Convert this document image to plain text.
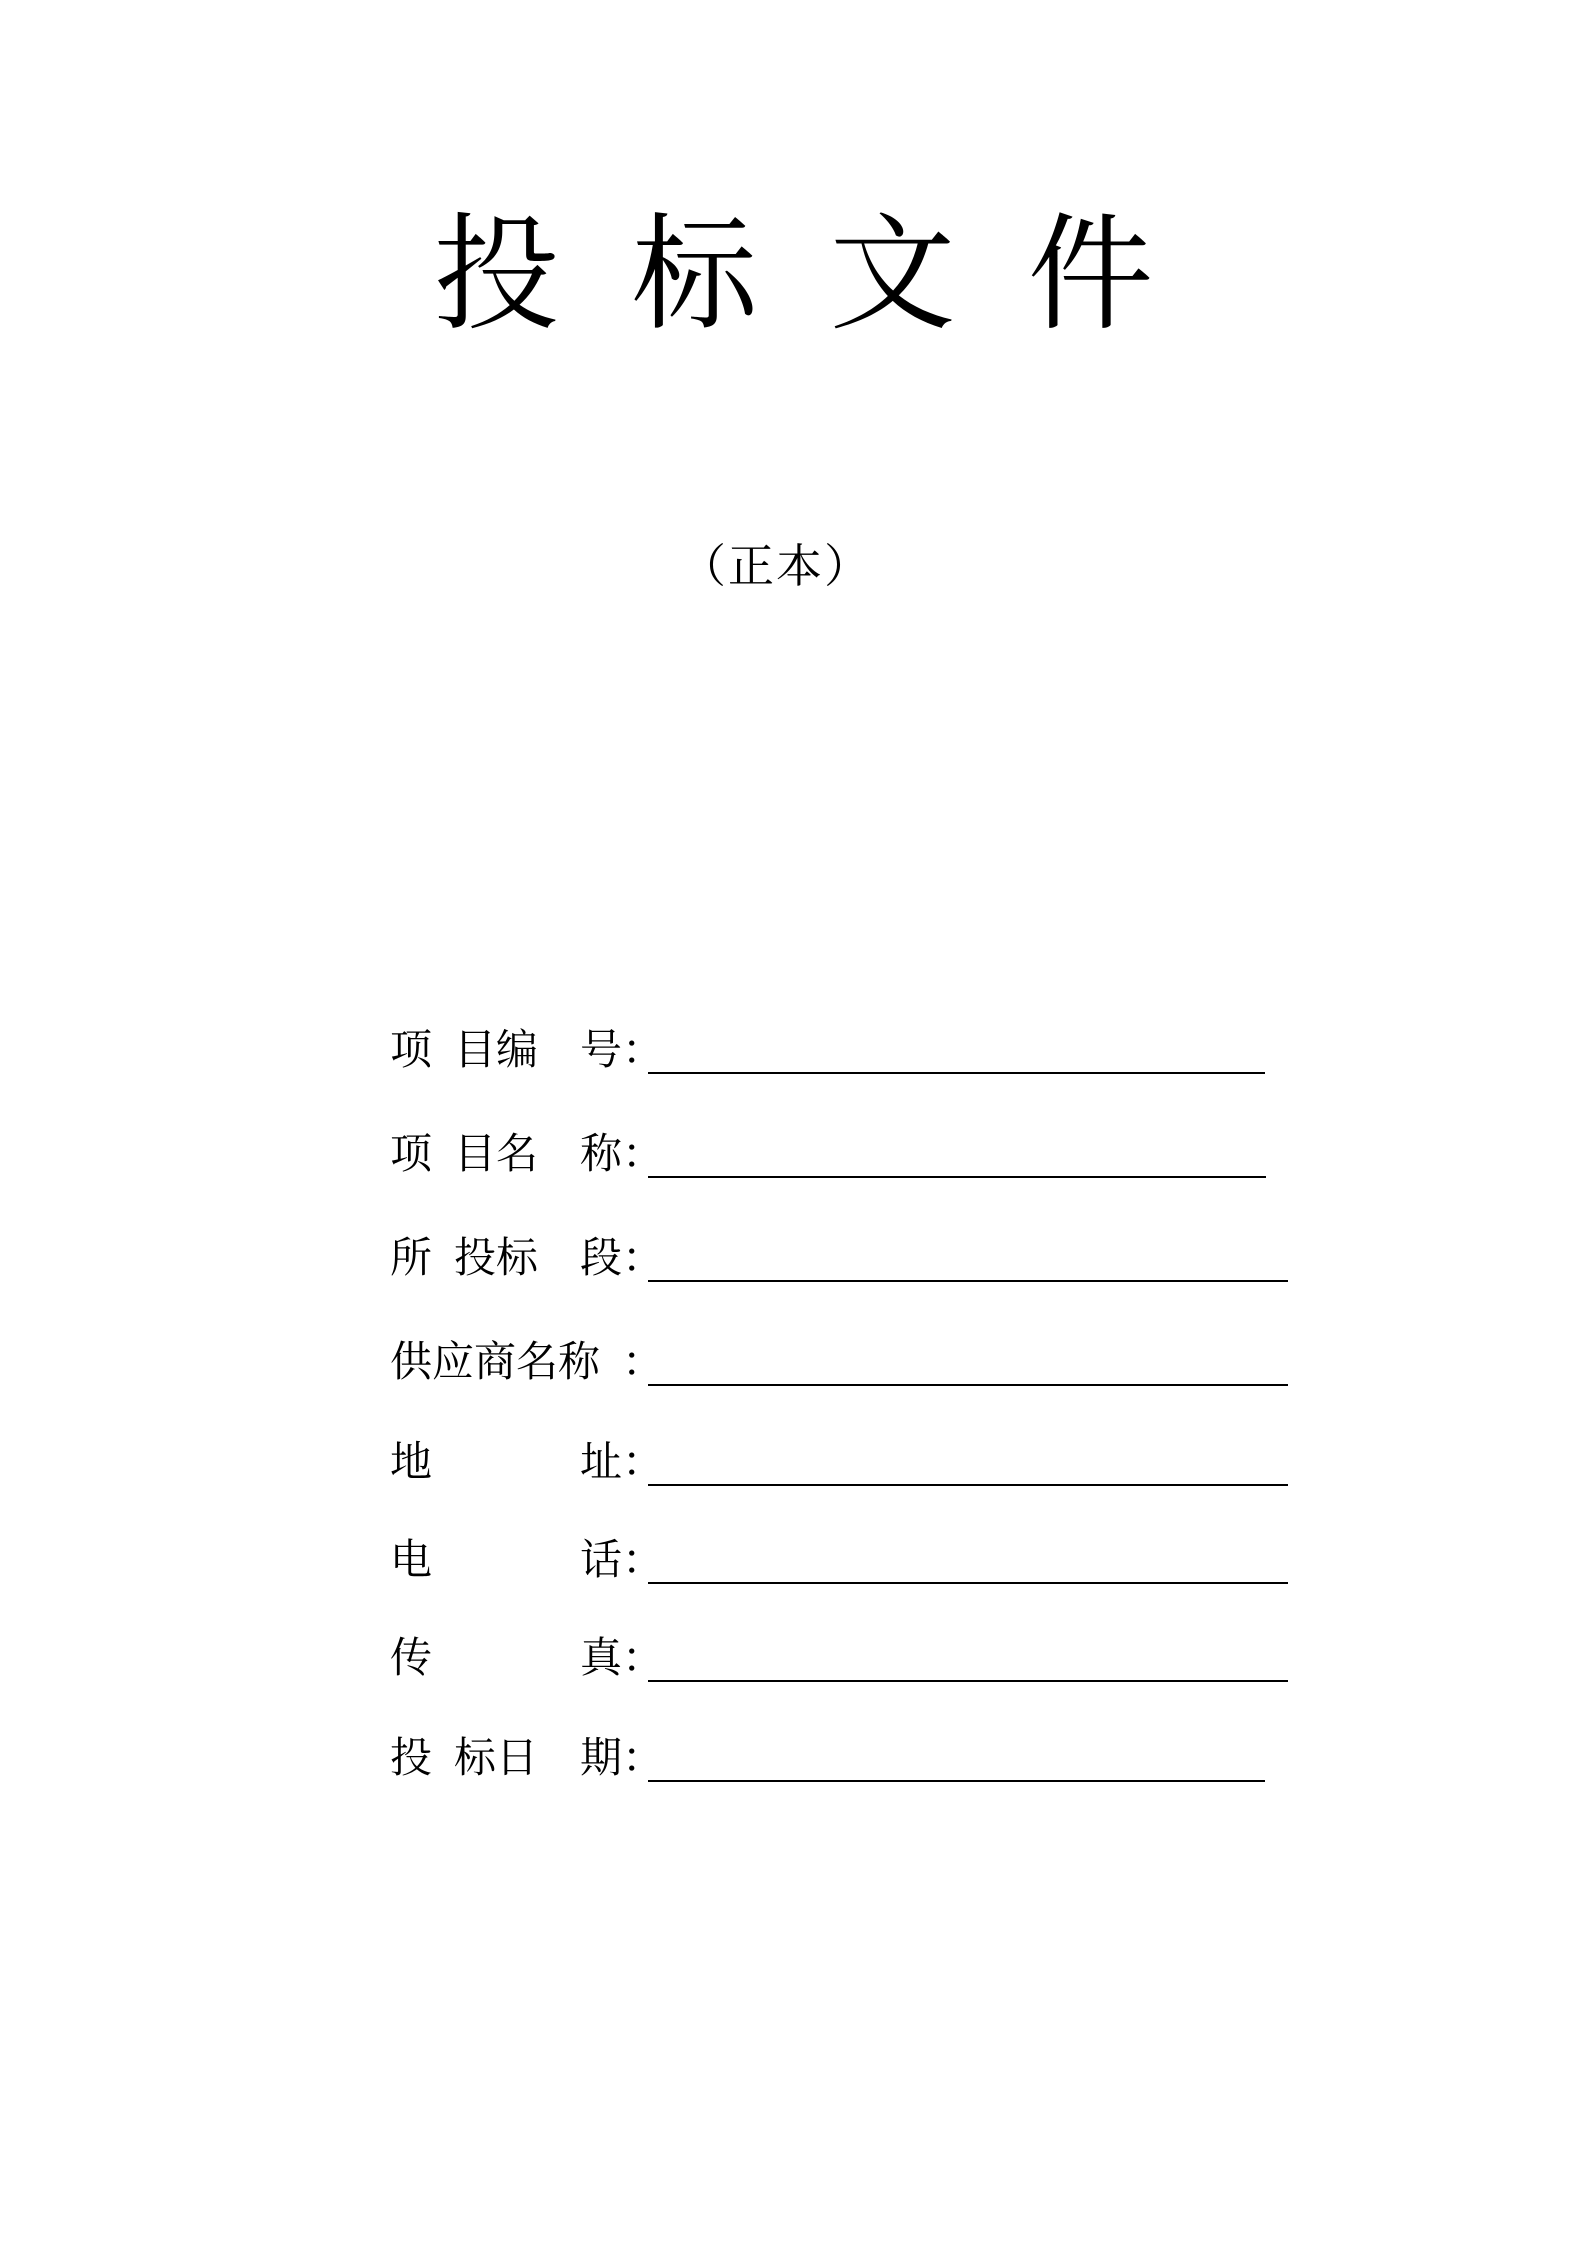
投 标 文 件
（正本）
项 目编 号 ：
项 目名 称 ：
所 投标 段 ：
供应商名称 ：
地	址 ：
电	话 ：
传	真 ：
投 标日 期 ：
